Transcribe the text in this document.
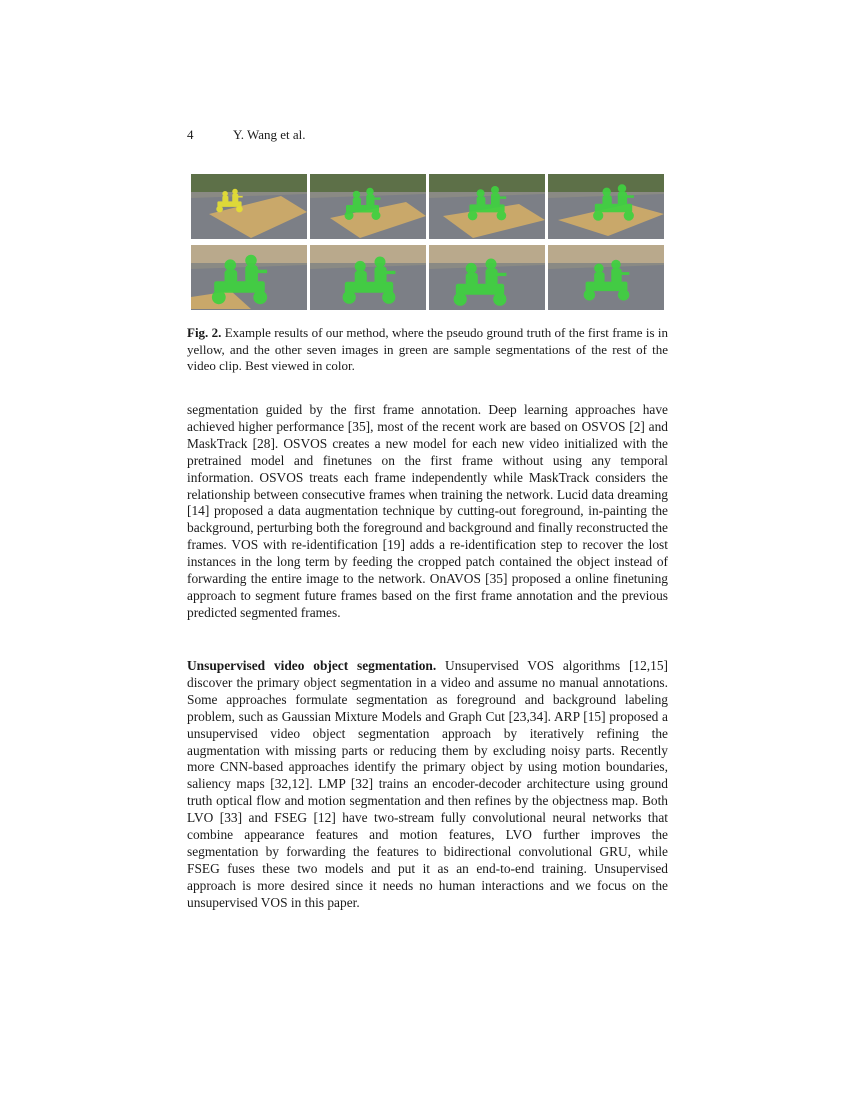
4	Y. Wang et al.
Fig. 2. Example results of our method, where the pseudo ground truth of the first frame is in yellow, and the other seven images in green are sample segmentations of the rest of the video clip. Best viewed in color.
segmentation guided by the first frame annotation. Deep learning approaches have achieved higher performance [35], most of the recent work are based on OSVOS [2] and MaskTrack [28]. OSVOS creates a new model for each new video initialized with the pretrained model and finetunes on the first frame without using any temporal information. OSVOS treats each frame independently while MaskTrack considers the relationship between consecutive frames when training the network. Lucid data dreaming [14] proposed a data augmentation technique by cutting-out foreground, in-painting the background, perturbing both the foreground and background and finally reconstructed the frames. VOS with re-identification [19] adds a re-identification step to recover the lost instances in the long term by feeding the cropped patch contained the object instead of forwarding the entire image to the network. OnAVOS [35] proposed a online finetuning approach to segment future frames based on the first frame annotation and the previous predicted segmented frames.
Unsupervised video object segmentation. Unsupervised VOS algorithms [12,15] discover the primary object segmentation in a video and assume no manual annotations. Some approaches formulate segmentation as foreground and background labeling problem, such as Gaussian Mixture Models and Graph Cut [23,34]. ARP [15] proposed a unsupervised video object segmentation approach by iteratively refining the augmentation with missing parts or reducing them by excluding noisy parts. Recently more CNN-based approaches identify the primary object by using motion boundaries, saliency maps [32,12]. LMP [32] trains an encoder-decoder architecture using ground truth optical flow and motion segmentation and then refines by the objectness map. Both LVO [33] and FSEG [12] have two-stream fully convolutional neural networks that combine appearance features and motion features, LVO further improves the segmentation by forwarding the features to bidirectional convolutional GRU, while FSEG fuses these two models and put it as an end-to-end training. Unsupervised approach is more desired since it needs no human interactions and we focus on the unsupervised VOS in this paper.
